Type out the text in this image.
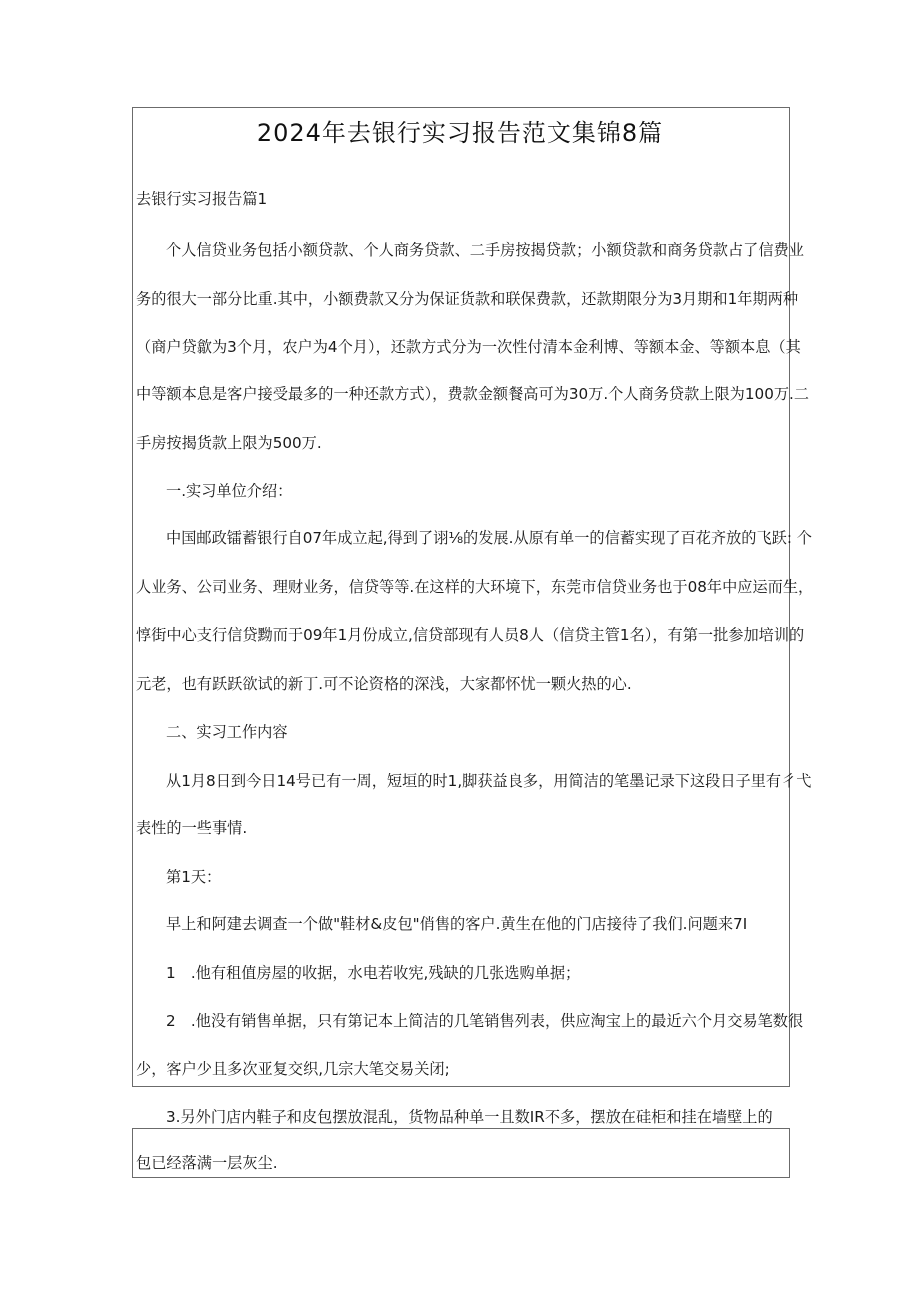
2024年去银行实习报告范文集锦8篇
去银行实习报告篇1
个人信贷业务包括小额贷款、个人商务贷款、二手房按揭贷款；小额贷款和商务贷款占了信费业
务的很大一部分比重.其中，小额费款又分为保证货款和联保费款，还款期限分为3月期和1年期两种
（商户贷歙为3个月，农户为4个月），还款方式分为一次性付清本金利博、等额本金、等额本息（其
中等额本息是客户接受最多的一种还款方式），费款金额餐高可为30万.个人商务贷款上限为100万.二
手房按揭货款上限为500万.
一.实习单位介绍：
中国邮政镭蓄银行自07年成立起,得到了诩⅛的发展.从原有单一的信蓄实现了百花齐放的飞跃: 个
人业务、公司业务、理财业务，信贷等等.在这样的大环境下，东莞市信贷业务也于08年中应运而生，
惇街中心支行信贷黝而于09年1月份成立,信贷部现有人员8人（信贷主管1名），有第一批参加培训的
元老，也有跃跃欲试的新丁.可不论资格的深浅，大家都怀忧一颗火热的心.
二、实习工作内容
从1月8日到今日14号已有一周，短垣的时1,脚获益良多，用简洁的笔墨记录下这段日子里有彳弋
表性的一些事情.
第1天：
早上和阿建去调查一个做"鞋材&皮包"俏售的客户.黄生在他的门店接待了我们.问题来7I
1　.他有租值房屋的收据，水电若收宪,残缺的几张选购单据；
2　.他没有销售单据，只有第记本上简洁的几笔销售列表，供应淘宝上的最近六个月交易笔数很
少，客户少且多次亚复交织,几宗大笔交易关闭;
3.另外门店内鞋子和皮包摆放混乱，货物品种单一且数IR不多，摆放在硅柜和挂在墙壁上的
包已经落满一层灰尘.
